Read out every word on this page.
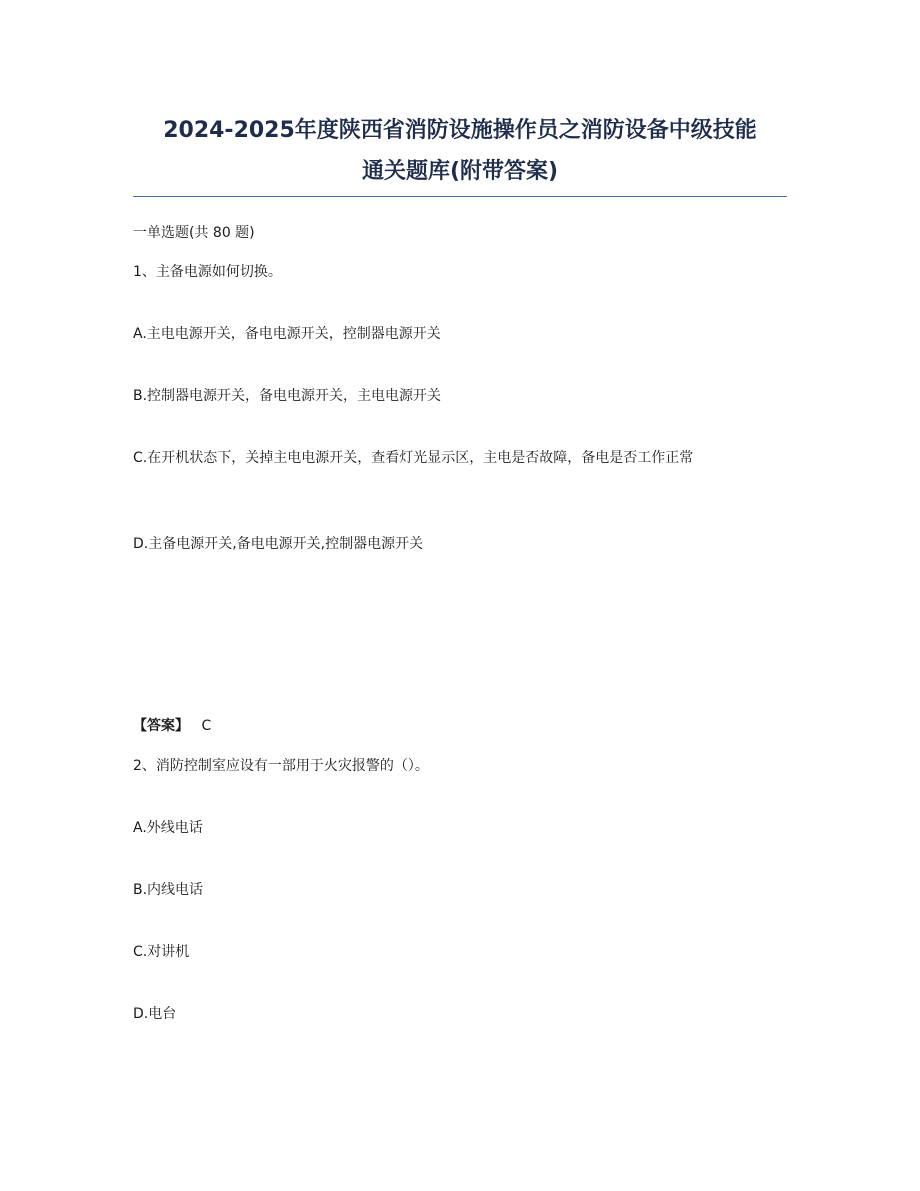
2024-2025年度陕西省消防设施操作员之消防设备中级技能
通关题库(附带答案)

一单选题(共 80 题)

1、主备电源如何切换。

A.主电电源开关，备电电源开关，控制器电源开关

B.控制器电源开关，备电电源开关，主电电源开关

C.在开机状态下，关掉主电电源开关，查看灯光显示区，主电是否故障，备电是否工作正常

D.主备电源开关,备电电源开关,控制器电源开关

【答案】 C

2、消防控制室应设有一部用于火灾报警的（）。

A.外线电话

B.内线电话

C.对讲机

D.电台
